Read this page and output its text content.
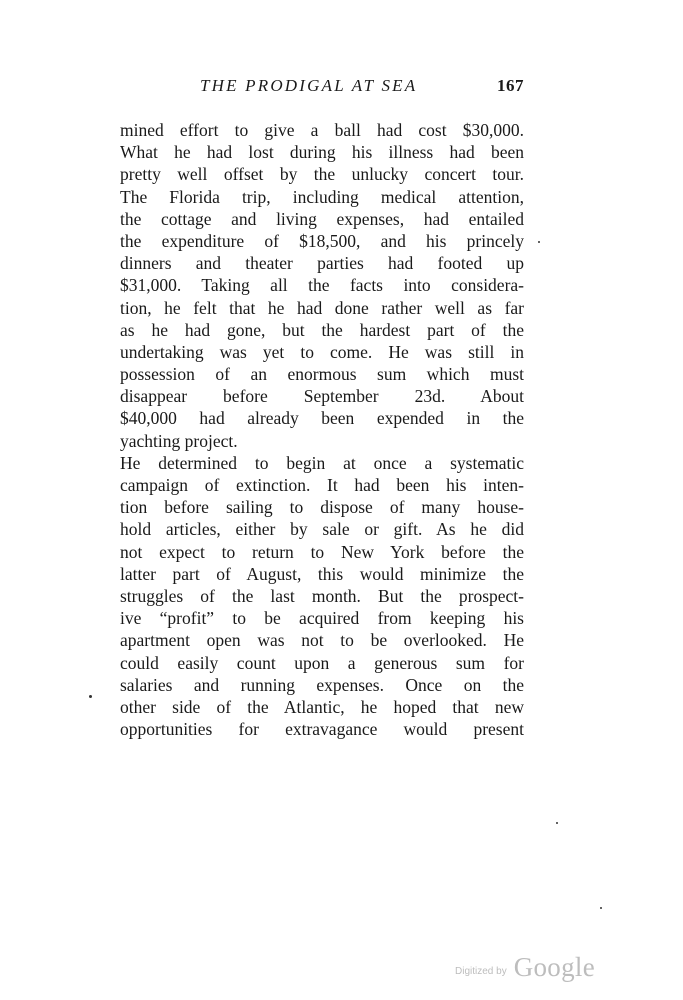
THE PRODIGAL AT SEA	167
mined effort to give a ball had cost $30,000.
What he had lost during his illness had been
pretty well offset by the unlucky concert tour.
The Florida trip, including medical attention,
the cottage and living expenses, had entailed
the expenditure of $18,500, and his princely
dinners and theater parties had footed up
$31,000. Taking all the facts into considera-
tion, he felt that he had done rather well as far
as he had gone, but the hardest part of the
undertaking was yet to come. He was still in
possession of an enormous sum which must
disappear before September 23d. About
$40,000 had already been expended in the
yachting project.
He determined to begin at once a systematic
campaign of extinction. It had been his inten-
tion before sailing to dispose of many house-
hold articles, either by sale or gift. As he did
not expect to return to New York before the
latter part of August, this would minimize the
struggles of the last month. But the prospect-
ive “profit” to be acquired from keeping his
apartment open was not to be overlooked. He
could easily count upon a generous sum for
salaries and running expenses. Once on the
other side of the Atlantic, he hoped that new
opportunities for extravagance would present
Digitized by Google
